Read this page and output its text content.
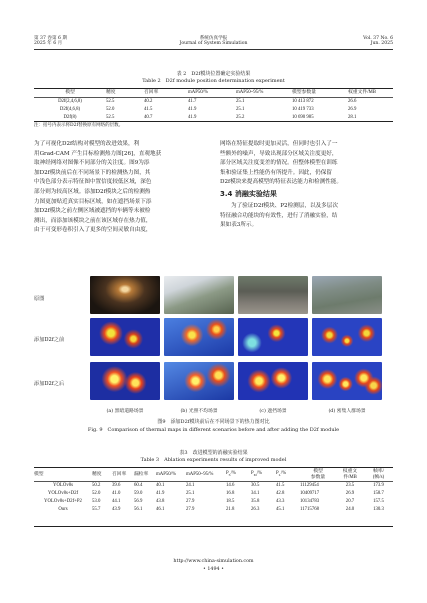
第 37 卷第 6 期
2025 年 6 月
系统仿真学报
Journal of System Simulation
Vol. 37 No. 6
Jun. 2025
表 2　D2f模块位置确定实验结果
Table 2　D2f module position determination experiment
模型	精度	召回率	mAP50/%	mAP50~95/%	模型参数量	权重文件/MB

D2f(2,4,6,8)	52.5	40.2	41.7	25.1	10 413 872	26.6
D2f(4,6,8)	52.0	41.5	41.9	25.1	10 419 733	26.9
D2f(8)	52.5	40.7	41.9	25.2	10 690 985	28.1
注：括号内表示将D2f替换原有网络的层数。
为了可视化D2f结构对模型的改进效果，利
用Grad-CAM 产生目标检测热力图[26]，直观地获
取神经网络对图像不同部分的关注度。图9为添
加D2f模块前后在不同场景下的检测热力图，其
中浅色部分表示特征图中置信度较低区域，深色
部分则为较高区域。添加D2f模块之后的检测热
力图更加贴近真实目标区域，如在遮挡场景下添
加D2f模块之前左侧区域被遮挡的车辆等未被检
测出，而添加该模块之前在该区域存在热力值，
由于可变形卷积引入了更多的空间灵敏自由度，
网络在特征提取时更加灵活，但同时也引入了一
些额外的噪声，导致出现部分区域关注度更好，
部分区域关注度变差的情况。但整体模型在训练
集和验证集上性能仍有所提升。因此，仍保留
D2f模块来提高模型的特征表达能力和检测性能。
3.4 消融实验结果
为了验证D2f模块、P2检测层，以及多层次
特征融合功能块的有效性，进行了消融实验，结
果如表3所示。
原图
添加D2f之前
添加D2f之后
(a) 黑暗道路场景	(b) 光照不均场景	(c) 遮挡场景	(d) 密集人群场景
图9　添加D2f模块前后在不同场景下的热力图对比
Fig. 9　Comparison of thermal maps in different scenarios before and after adding the D2f module
表3　改进模型的消融实验结果
Table 3　Ablation experiments results of improved model
模型	精度	召回率	漏检率	mAP50/%	mAP50~95/%	$P_S/\%$	$P_M/\%$	$P_L/\%$	模型
参数量	权重文
件/MB	帧率/
(帧/s)

YOLOv8s	50.2	39.6	60.4	40.1	24.1	14.6	30.5	41.5	11129454	23.5	173.9
YOLOv8s+D2f	52.0	41.0	59.0	41.9	25.1	16.8	34.1	42.8	10409717	26.9	158.7
YOLOv8s+D2f+P2	53.0	44.1	56.9	43.8	27.9	18.5	35.8	43.3	10134783	20.7	157.5
Ours	55.7	43.9	56.1	46.1	27.9	21.8	26.3	45.1	11715768	24.0	130.3
http://www.china-simulation.com
• 1494 •
